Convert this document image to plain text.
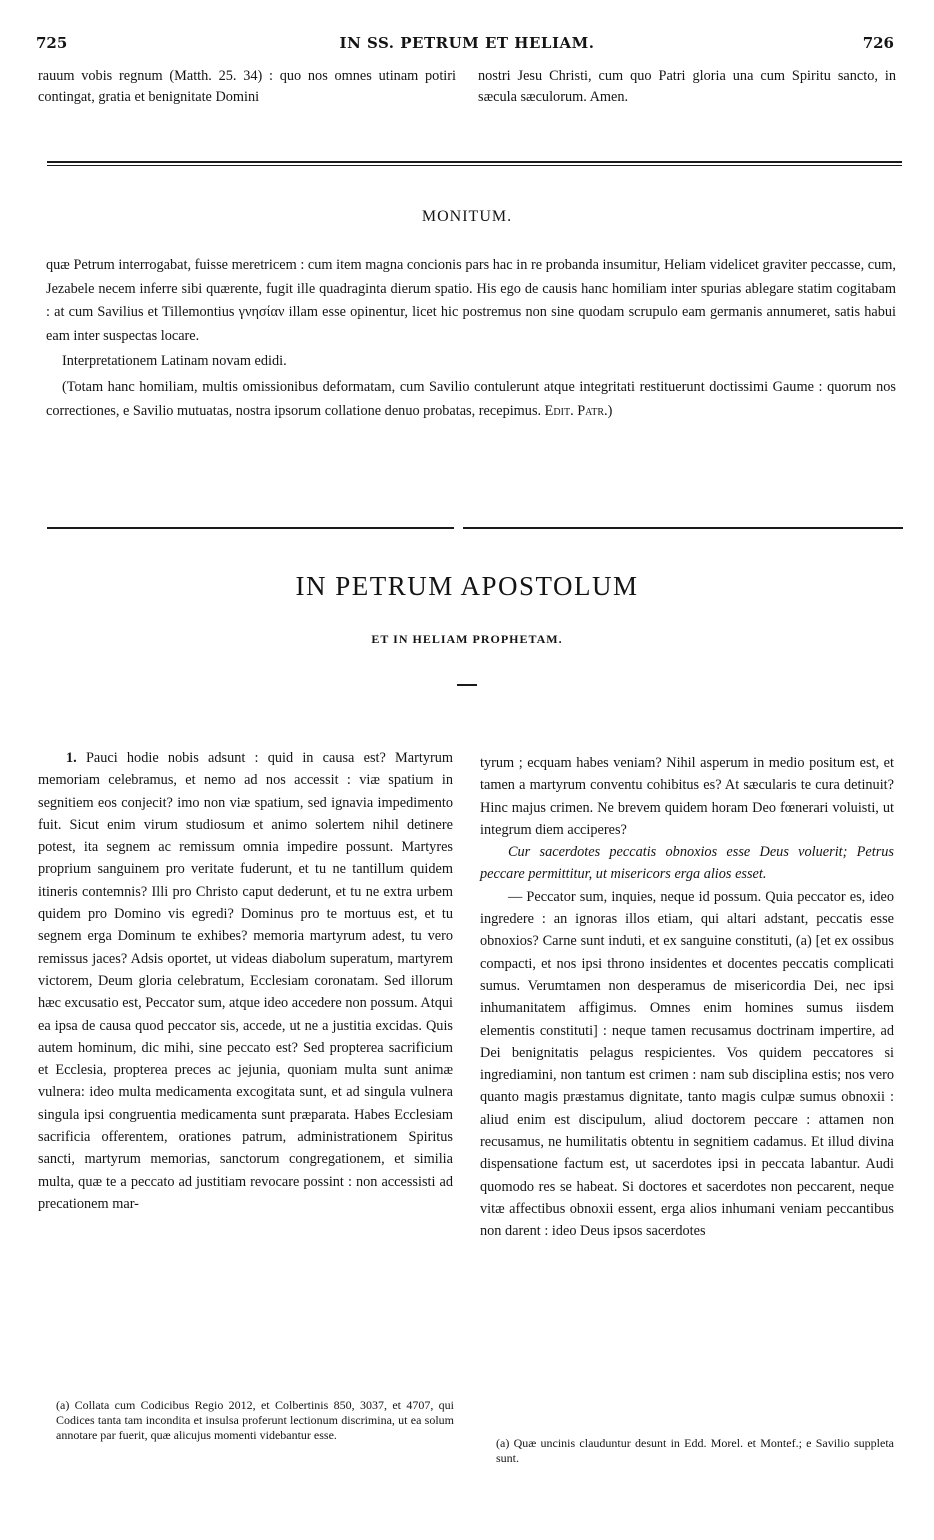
725	IN SS. PETRUM ET HELIAM.	726

rauum vobis regnum (Matth. 25. 34) : quo nos omnes utinam potiri contingat, gratia et benignitate Domini

nostri Jesu Christi, cum quo Patri gloria una cum Spiritu sancto, in sæcula sæculorum. Amen.

MONITUM.

quæ Petrum interrogabat, fuisse meretricem : cum item magna concionis pars hac in re probanda insumitur, Heliam videlicet graviter peccasse, cum, Jezabele necem inferre sibi quærente, fugit ille quadraginta dierum spatio. His ego de causis hanc homiliam inter spurias ablegare statim cogitabam : at cum Savilius et Tillemontius γνησίαν illam esse opinentur, licet hic postremus non sine quodam scrupulo eam germanis annumeret, satis habui eam inter suspectas locare.

Interpretationem Latinam novam edidi.

(Totam hanc homiliam, multis omissionibus deformatam, cum Savilio contulerunt atque integritati restituerunt doctissimi Gaume : quorum nos correctiones, e Savilio mutuatas, nostra ipsorum collatione denuo probatas, recepimus. Edit. Patr.)

IN PETRUM APOSTOLUM
ET IN HELIAM PROPHETAM.

1. Pauci hodie nobis adsunt : quid in causa est? Martyrum memoriam celebramus, et nemo ad nos accessit : viæ spatium in segnitiem eos conjecit? imo non viæ spatium, sed ignavia impedimento fuit. Sicut enim virum studiosum et animo solertem nihil detinere potest, ita segnem ac remissum omnia impedire possunt. Martyres proprium sanguinem pro veritate fuderunt, et tu ne tantillum quidem itineris contemnis? Illi pro Christo caput dederunt, et tu ne extra urbem quidem pro Domino vis egredi? Dominus pro te mortuus est, et tu segnem erga Dominum te exhibes? memoria martyrum adest, tu vero remissus jaces? Adsis oportet, ut videas diabolum superatum, martyrem victorem, Deum gloria celebratum, Ecclesiam coronatam. Sed illorum hæc excusatio est, Peccator sum, atque ideo accedere non possum. Atqui ea ipsa de causa quod peccator sis, accede, ut ne a justitia excidas. Quis autem hominum, dic mihi, sine peccato est? Sed propterea sacrificium et Ecclesia, propterea preces ac jejunia, quoniam multa sunt animæ vulnera: ideo multa medicamenta excogitata sunt, et ad singula vulnera singula ipsi congruentia medicamenta sunt præparata. Habes Ecclesiam sacrificia offerentem, orationes patrum, administrationem Spiritus sancti, martyrum memorias, sanctorum congregationem, et similia multa, quæ te a peccato ad justitiam revocare possint : non accessisti ad precationem mar-

tyrum ; ecquam habes veniam? Nihil asperum in medio positum est, et tamen a martyrum conventu cohibitus es? At sæcularis te cura detinuit? Hinc majus crimen. Ne brevem quidem horam Deo fœnerari voluisti, ut integrum diem acciperes?

Cur sacerdotes peccatis obnoxios esse Deus voluerit; Petrus peccare permittitur, ut misericors erga alios esset.

— Peccator sum, inquies, neque id possum. Quia peccator es, ideo ingredere : an ignoras illos etiam, qui altari adstant, peccatis esse obnoxios? Carne sunt induti, et ex sanguine constituti, (a) [et ex ossibus compacti, et nos ipsi throno insidentes et docentes peccatis complicati sumus. Verumtamen non desperamus de misericordia Dei, nec ipsi inhumanitatem affigimus. Omnes enim homines sumus iisdem elementis constituti] : neque tamen recusamus doctrinam impertire, ad Dei benignitatis pelagus respicientes. Vos quidem peccatores si ingrediamini, non tantum est crimen : nam sub disciplina estis; nos vero quanto magis præstamus dignitate, tanto magis culpæ sumus obnoxii : aliud enim est discipulum, aliud doctorem peccare : attamen non recusamus, ne humilitatis obtentu in segnitiem cadamus. Et illud divina dispensatione factum est, ut sacerdotes ipsi in peccata labantur. Audi quomodo res se habeat. Si doctores et sacerdotes non peccarent, neque vitæ affectibus obnoxii essent, erga alios inhumani veniam peccantibus non darent : ideo Deus ipsos sacerdotes

(a) Collata cum Codicibus Regio 2012, et Colbertinis 850, 3037, et 4707, qui Codices tanta tam incondita et insulsa proferunt lectionum discrimina, ut ea solum annotare par fuerit, quæ alicujus momenti videbantur esse.
(a) Quæ uncinis clauduntur desunt in Edd. Morel. et Montef.; e Savilio suppleta sunt.
